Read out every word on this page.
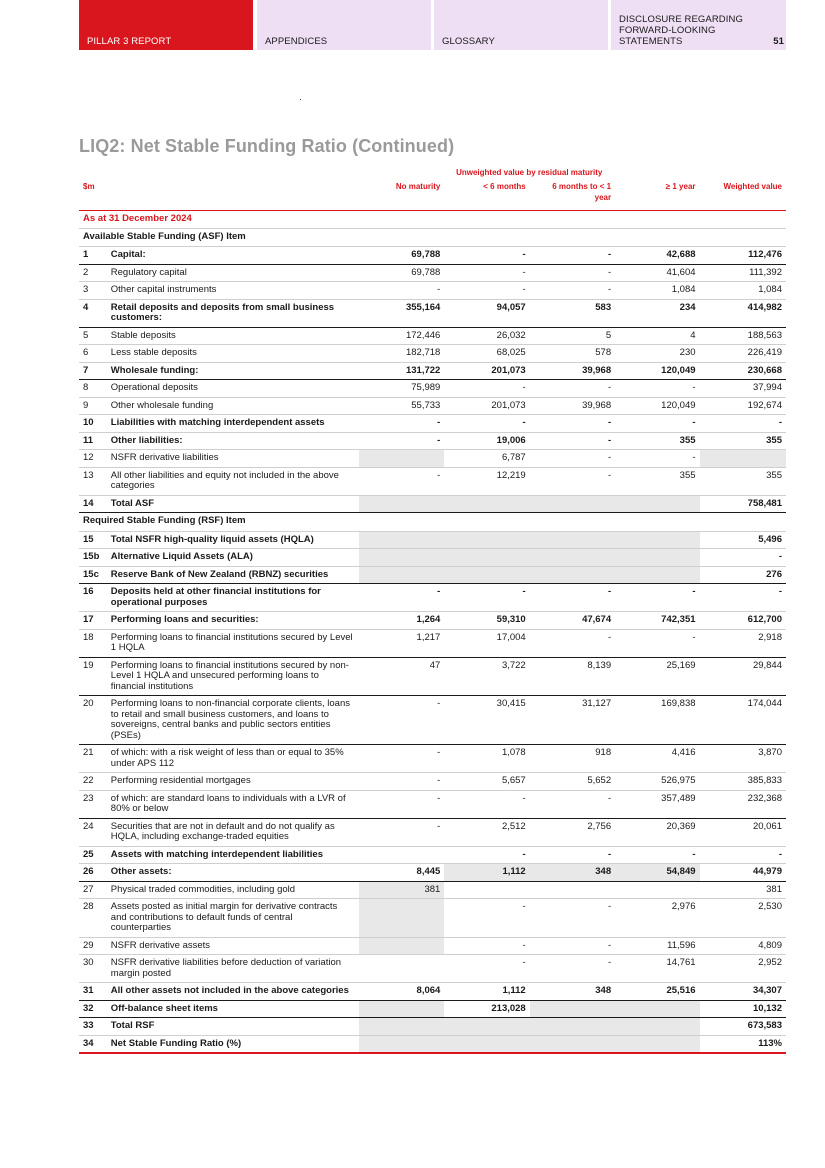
PILLAR 3 REPORT	APPENDICES	GLOSSARY
DISCLOSURE REGARDING FORWARD-LOOKING STATEMENTS	51
LIQ2: Net Stable Funding Ratio (Continued)
		Unweighted value by residual maturity				
$m		No maturity	< 6 months	6 months to < 1 year	≥ 1 year	Weighted value
As at 31 December 2024						
Available Stable Funding (ASF) Item						
1	Capital:	69,788	-	-	42,688	112,476
2	Regulatory capital	69,788	-	-	41,604	111,392
3	Other capital instruments	-	-	-	1,084	1,084
4	Retail deposits and deposits from small business customers:	355,164	94,057	583	234	414,982
5	Stable deposits	172,446	26,032	5	4	188,563
6	Less stable deposits	182,718	68,025	578	230	226,419
7	Wholesale funding:	131,722	201,073	39,968	120,049	230,668
8	Operational deposits	75,989	-	-	-	37,994
9	Other wholesale funding	55,733	201,073	39,968	120,049	192,674
10	Liabilities with matching interdependent assets	-	-	-	-	-
11	Other liabilities:	-	19,006	-	355	355
12	NSFR derivative liabilities		6,787	-	-	
13	All other liabilities and equity not included in the above categories	-	12,219	-	355	355
14	Total ASF					758,481
Required Stable Funding (RSF) Item						
15	Total NSFR high-quality liquid assets (HQLA)					5,496
15b	Alternative Liquid Assets (ALA)					-
15c	Reserve Bank of New Zealand (RBNZ) securities					276
16	Deposits held at other financial institutions for operational purposes	-	-	-	-	-
17	Performing loans and securities:	1,264	59,310	47,674	742,351	612,700
18	Performing loans to financial institutions secured by Level 1 HQLA	1,217	17,004	-	-	2,918
19	Performing loans to financial institutions secured by non-Level 1 HQLA and unsecured performing loans to financial institutions	47	3,722	8,139	25,169	29,844
20	Performing loans to non-financial corporate clients, loans to retail and small business customers, and loans to sovereigns, central banks and public sectors entities (PSEs)	-	30,415	31,127	169,838	174,044
21	of which: with a risk weight of less than or equal to 35% under APS 112	-	1,078	918	4,416	3,870
22	Performing residential mortgages	-	5,657	5,652	526,975	385,833
23	of which: are standard loans to individuals with a LVR of 80% or below	-	-	-	357,489	232,368
24	Securities that are not in default and do not qualify as HQLA, including exchange-traded equities	-	2,512	2,756	20,369	20,061
25	Assets with matching interdependent liabilities		-	-	-	-
26	Other assets:	8,445	1,112	348	54,849	44,979
27	Physical traded commodities, including gold	381				381
28	Assets posted as initial margin for derivative contracts and contributions to default funds of central counterparties		-	-	2,976	2,530
29	NSFR derivative assets		-	-	11,596	4,809
30	NSFR derivative liabilities before deduction of variation margin posted		-	-	14,761	2,952
31	All other assets not included in the above categories	8,064	1,112	348	25,516	34,307
32	Off-balance sheet items		213,028			10,132
33	Total RSF					673,583
34	Net Stable Funding Ratio (%)					113%
